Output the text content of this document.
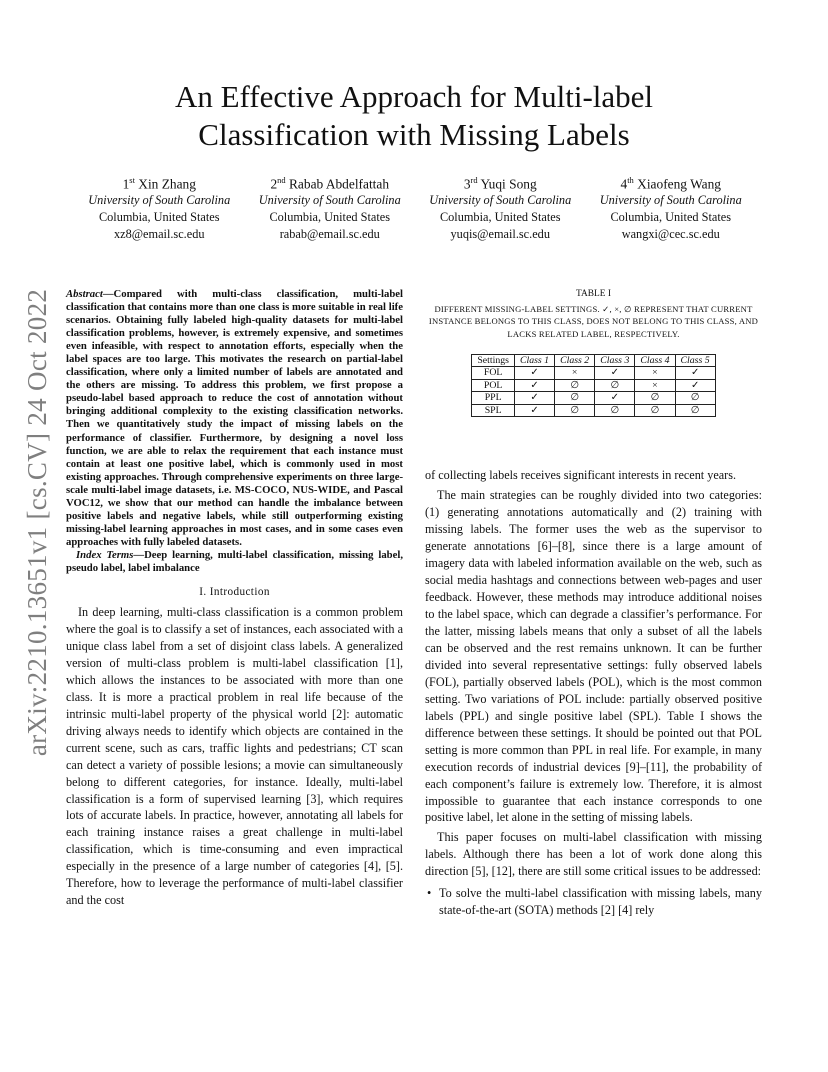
arXiv:2210.13651v1 [cs.CV] 24 Oct 2022
An Effective Approach for Multi-label Classification with Missing Labels
1st Xin Zhang
University of South Carolina
Columbia, United States
xz8@email.sc.edu
2nd Rabab Abdelfattah
University of South Carolina
Columbia, United States
rabab@email.sc.edu
3rd Yuqi Song
University of South Carolina
Columbia, United States
yuqis@email.sc.edu
4th Xiaofeng Wang
University of South Carolina
Columbia, United States
wangxi@cec.sc.edu

Abstract—Compared with multi-class classification, multi-label classification that contains more than one class is more suitable in real life scenarios. Obtaining fully labeled high-quality datasets for multi-label classification problems, however, is extremely expensive, and sometimes even infeasible, with respect to annotation efforts, especially when the label spaces are too large. This motivates the research on partial-label classification, where only a limited number of labels are annotated and the others are missing. To address this problem, we first propose a pseudo-label based approach to reduce the cost of annotation without bringing additional complexity to the existing classification networks. Then we quantitatively study the impact of missing labels on the performance of classifier. Furthermore, by designing a novel loss function, we are able to relax the requirement that each instance must contain at least one positive label, which is commonly used in most existing approaches. Through comprehensive experiments on three large-scale multi-label image datasets, i.e. MS-COCO, NUS-WIDE, and Pascal VOC12, we show that our method can handle the imbalance between positive labels and negative labels, while still outperforming existing missing-label learning approaches in most cases, and in some cases even approaches with fully labeled datasets.

Index Terms—Deep learning, multi-label classification, missing label, pseudo label, label imbalance

I. Introduction

In deep learning, multi-class classification is a common problem where the goal is to classify a set of instances, each associated with a unique class label from a set of disjoint class labels. A generalized version of multi-class problem is multi-label classification [1], which allows the instances to be associated with more than one class. It is more a practical problem in real life because of the intrinsic multi-label property of the physical world [2]: automatic driving always needs to identify which objects are contained in the current scene, such as cars, traffic lights and pedestrians; CT scan can detect a variety of possible lesions; a movie can simultaneously belong to different categories, for instance. Ideally, multi-label classification is a form of supervised learning [3], which requires lots of accurate labels. In practice, however, annotating all labels for each training instance raises a great challenge in multi-label classification, which is time-consuming and even impractical especially in the presence of a large number of categories [4], [5]. Therefore, how to leverage the performance of multi-label classifier and the cost

TABLE I

DIFFERENT MISSING-LABEL SETTINGS. ✓, ×, ∅ REPRESENT THAT CURRENT INSTANCE BELONGS TO THIS CLASS, DOES NOT BELONG TO THIS CLASS, AND LACKS RELATED LABEL, RESPECTIVELY.

Settings	Class 1	Class 2	Class 3	Class 4	Class 5
FOL	✓	×	✓	×	✓
POL	✓	∅	∅	×	✓
PPL	✓	∅	✓	∅	∅
SPL	✓	∅	∅	∅	∅

of collecting labels receives significant interests in recent years.

The main strategies can be roughly divided into two categories: (1) generating annotations automatically and (2) training with missing labels. The former uses the web as the supervisor to generate annotations [6]–[8], since there is a large amount of imagery data with labeled information available on the web, such as social media hashtags and connections between web-pages and user feedback. However, these methods may introduce additional noises to the label space, which can degrade a classifier’s performance. For the latter, missing labels means that only a subset of all the labels can be observed and the rest remains unknown. It can be further divided into several representative settings: fully observed labels (FOL), partially observed labels (POL), which is the most common setting. Two variations of POL include: partially observed positive labels (PPL) and single positive label (SPL). Table I shows the difference between these settings. It should be pointed out that POL setting is more common than PPL in real life. For example, in many execution records of industrial devices [9]–[11], the probability of each component’s failure is extremely low. Therefore, it is almost impossible to guarantee that each instance corresponds to one positive label, let alone in the setting of missing labels.

This paper focuses on multi-label classification with missing labels. Although there has been a lot of work done along this direction [5], [12], there are still some critical issues to be addressed:

• To solve the multi-label classification with missing labels, many state-of-the-art (SOTA) methods [2] [4] rely
